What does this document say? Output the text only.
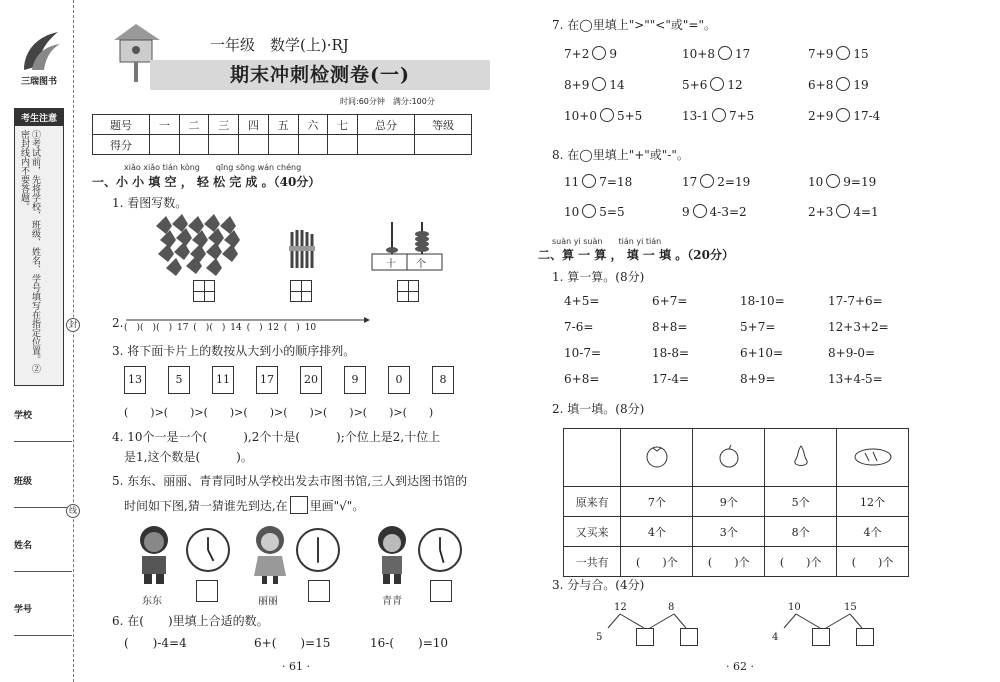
三瑞图书
考生注意
①考试前，先将学校、班级、姓名、学号填写在指定位置。②密封线内不要答题。
学校
班级
姓名
学号
封
线
一年级　数学(上)·RJ
期末冲刺检测卷(一)
时间:60分钟　 满分:100分
题号	一	二	三	四	五	六	七	总分	等级
得分									
xiǎo xiǎo tián kòng　　qīng sōng wán chéng
一、小 小 填 空 ， 轻 松 完 成 。（40分）
1. 看图写数。
十 个
2. (　)(　)(　) 17 (　)(　) 14 (　) 12 (　) 10
3. 将下面卡片上的数按从大到小的顺序排列。
13	5	11	17	20	9	0	8
(　　)>(　　)>(　　)>(　　)>(　　)>(　　)>(　　)>(　　)
4. 10个一是一个(　　　),2个十是(　　　);个位上是2,十位上
是1,这个数是(　　　)。
5. 东东、丽丽、青青同时从学校出发去市图书馆,三人到达图书馆的
时间如下图,猜一猜谁先到达,在 里画"√"。
东东	丽丽	青青
6. 在(　　)里填上合适的数。
(　　)-4=4	6+(　　)=15	16-(　　)=10
· 61 ·
7. 在◯里填上">""<"或"="。
8. 在◯里填上"+"或"-"。
suàn yi suàn　　tián yi tián
二、算 一 算 ， 填 一 填 。（20分）
1. 算一算。(8分)
2. 填一填。(8分)

原来有	7个	9个	5个	12个
又买来	4个	3个	8个	4个
一共有	(　　)个	(　　)个	(　　)个	(　　)个
3. 分与合。(4分)
12	8
5
10	15
4
· 62 ·
7+2 9	10+8 17	7+9 15
8+9 14	5+6 12	6+8 19
10+0 5+5	13-1 7+5	2+9 17-4
11 7=18	17 2=19	10 9=19
10 5=5	9 4-3=2	2+3 4=1
4+5=	6+7=	18-10=	17-7+6=
7-6=	8+8=	5+7=	12+3+2=
10-7=	18-8=	6+10=	8+9-0=
6+8=	17-4=	8+9=	13+4-5=
